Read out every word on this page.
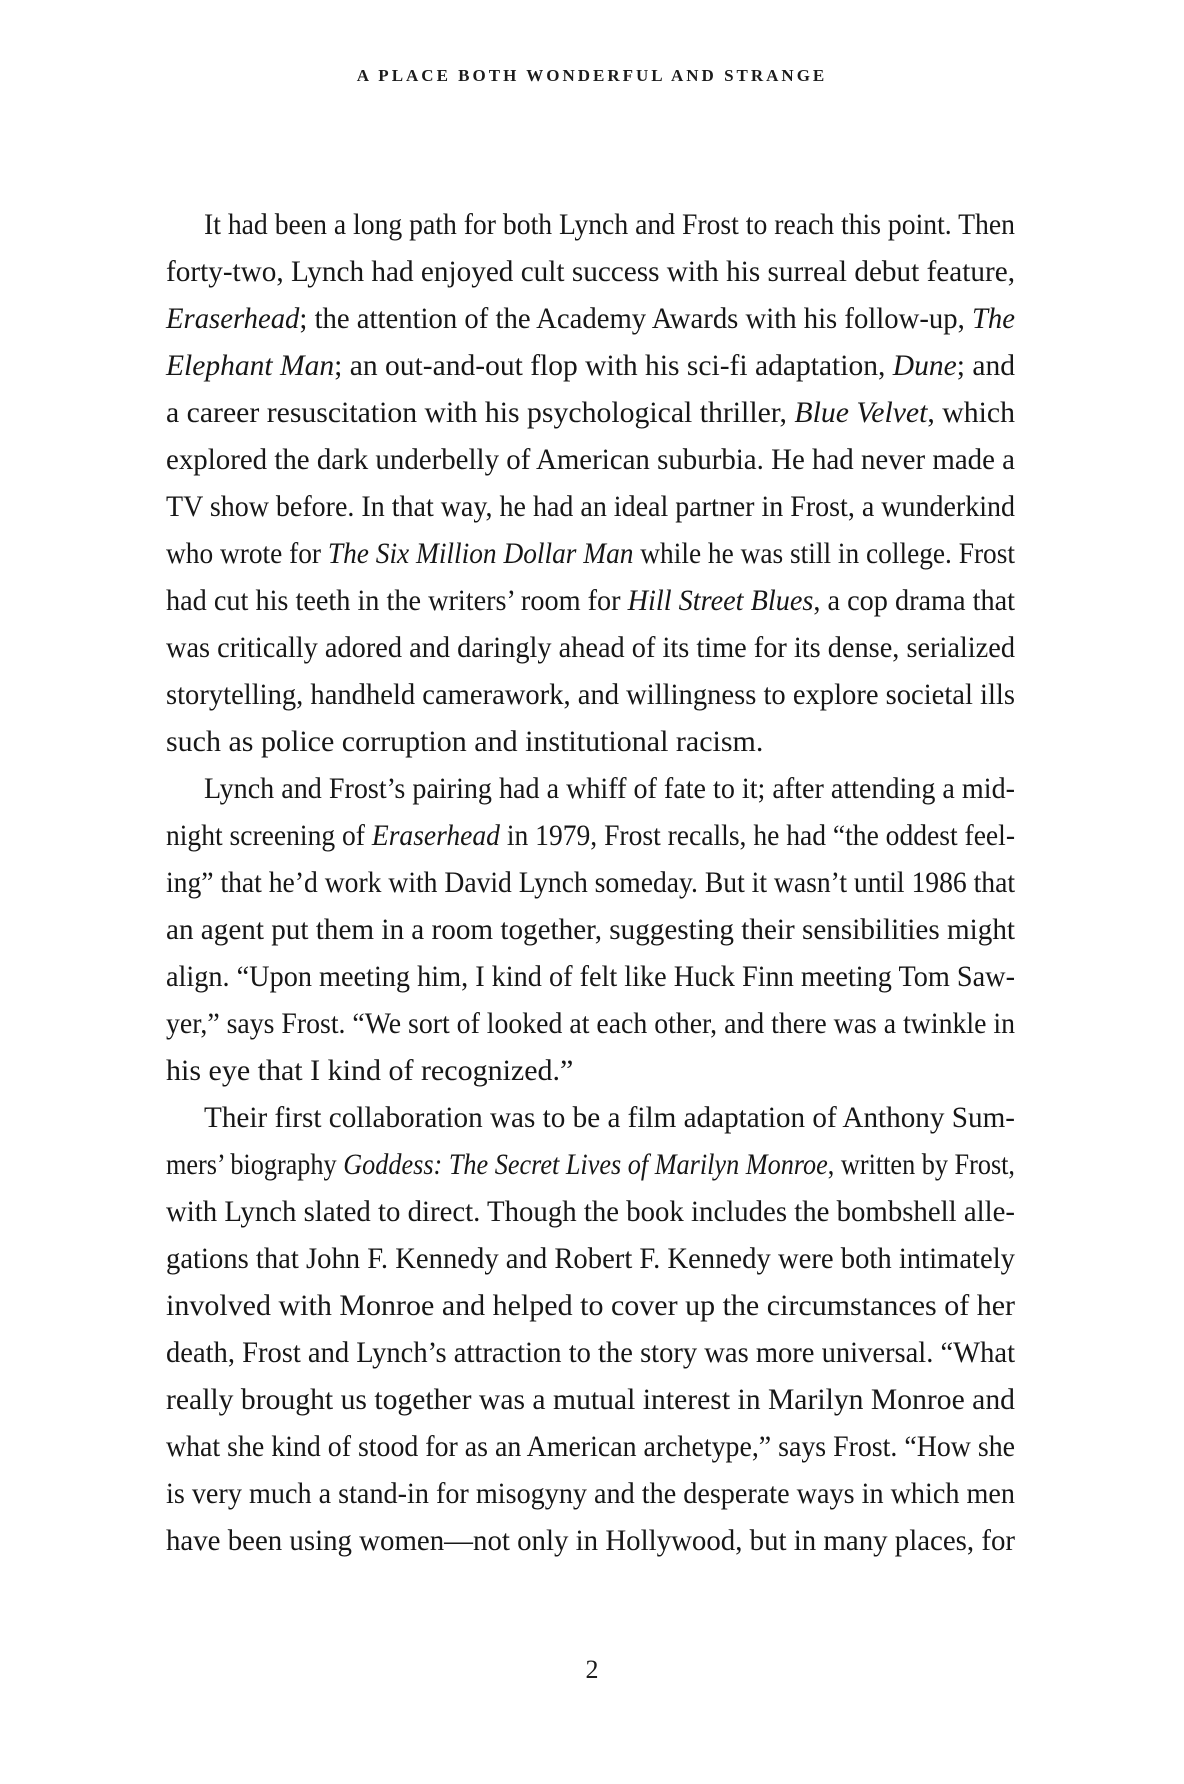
A PLACE BOTH WONDERFUL AND STRANGE
It had been a long path for both Lynch and Frost to reach this point. Then
forty-two, Lynch had enjoyed cult success with his surreal debut feature,
Eraserhead; the attention of the Academy Awards with his follow-up, The
Elephant Man; an out-and-out flop with his sci-fi adaptation, Dune; and
a career resuscitation with his psychological thriller, Blue Velvet, which
explored the dark underbelly of American suburbia. He had never made a
TV show before. In that way, he had an ideal partner in Frost, a wunderkind
who wrote for The Six Million Dollar Man while he was still in college. Frost
had cut his teeth in the writers’ room for Hill Street Blues, a cop drama that
was critically adored and daringly ahead of its time for its dense, serialized
storytelling, handheld camerawork, and willingness to explore societal ills
such as police corruption and institutional racism.
Lynch and Frost’s pairing had a whiff of fate to it; after attending a mid-
night screening of Eraserhead in 1979, Frost recalls, he had “the oddest feel-
ing” that he’d work with David Lynch someday. But it wasn’t until 1986 that
an agent put them in a room together, suggesting their sensibilities might
align. “Upon meeting him, I kind of felt like Huck Finn meeting Tom Saw-
yer,” says Frost. “We sort of looked at each other, and there was a twinkle in
his eye that I kind of recognized.”
Their first collaboration was to be a film adaptation of Anthony Sum-
mers’ biography Goddess: The Secret Lives of Marilyn Monroe, written by Frost,
with Lynch slated to direct. Though the book includes the bombshell alle-
gations that John F. Kennedy and Robert F. Kennedy were both intimately
involved with Monroe and helped to cover up the circumstances of her
death, Frost and Lynch’s attraction to the story was more universal. “What
really brought us together was a mutual interest in Marilyn Monroe and
what she kind of stood for as an American archetype,” says Frost. “How she
is very much a stand-in for misogyny and the desperate ways in which men
have been using women—not only in Hollywood, but in many places, for
2
